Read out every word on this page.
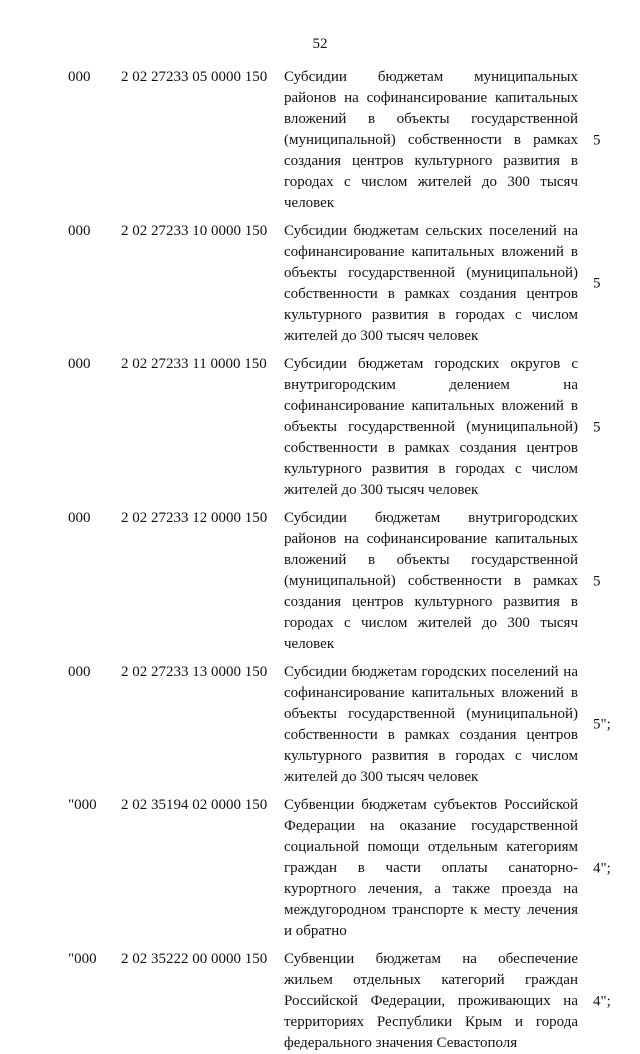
52
000 2 02 27233 05 0000 150 Субсидии бюджетам муниципальных районов на софинансирование капитальных вложений в объекты государственной (муниципальной) собственности в рамках создания центров культурного развития в городах с числом жителей до 300 тысяч человек
5
000 2 02 27233 10 0000 150 Субсидии бюджетам сельских поселений на софинансирование капитальных вложений в объекты государственной (муниципальной) собственности в рамках создания центров культурного развития в городах с числом жителей до 300 тысяч человек
5
000 2 02 27233 11 0000 150 Субсидии бюджетам городских округов с внутригородским делением на софинансирование капитальных вложений в объекты государственной (муниципальной) собственности в рамках создания центров культурного развития в городах с числом жителей до 300 тысяч человек
5
000 2 02 27233 12 0000 150 Субсидии бюджетам внутригородских районов на софинансирование капитальных вложений в объекты государственной (муниципальной) собственности в рамках создания центров культурного развития в городах с числом жителей до 300 тысяч человек
5
000 2 02 27233 13 0000 150 Субсидии бюджетам городских поселений на софинансирование капитальных вложений в объекты государственной (муниципальной) собственности в рамках создания центров культурного развития в городах с числом жителей до 300 тысяч человек
5";
"000 2 02 35194 02 0000 150 Субвенции бюджетам субъектов Российской Федерации на оказание государственной социальной помощи отдельным категориям граждан в части оплаты санаторно-курортного лечения, а также проезда на междугородном транспорте к месту лечения и обратно
4";
"000 2 02 35222 00 0000 150 Субвенции бюджетам на обеспечение жильем отдельных категорий граждан Российской Федерации, проживающих на территориях Республики Крым и города федерального значения Севастополя
4";
